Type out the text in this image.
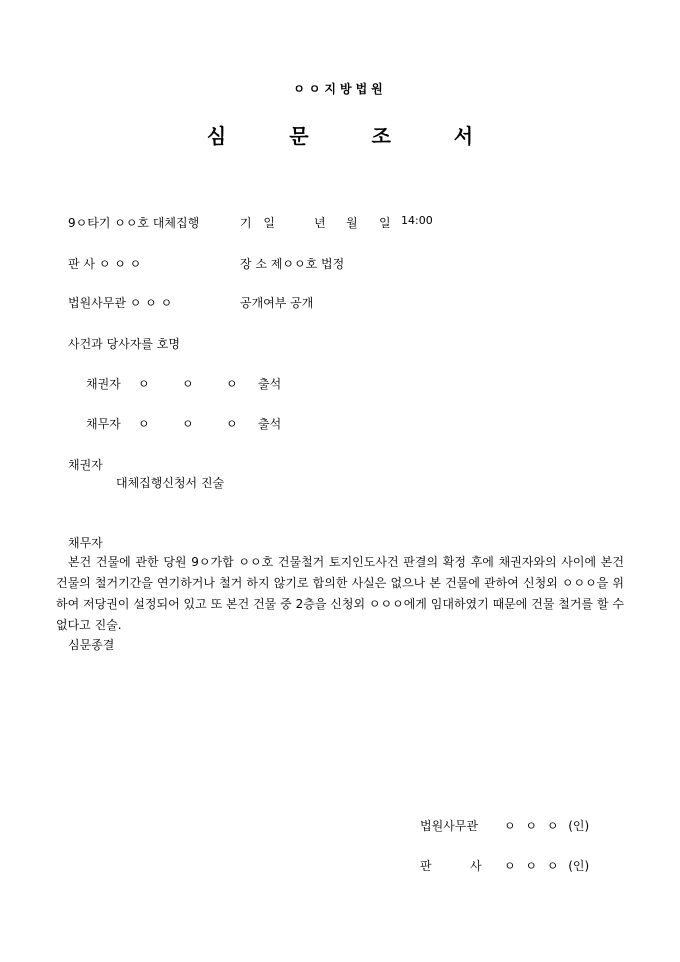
ㅇㅇ지방법원
심 문 조 서
9ㅇ타기 ㅇㅇ호 대체집행	기 일	년 월 일 14:00
판 사 ㅇ ㅇ ㅇ	장 소 제ㅇㅇ호 법정
법원사무관 ㅇ ㅇ ㅇ	공개여부 공개
사건과 당사자를 호명
채권자 ㅇ	ㅇ	ㅇ 출석
채무자 ㅇ	ㅇ	ㅇ 출석
채권자
대체집행신청서 진술
채무자
본건 건물에 관한 당원 9ㅇ가합 ㅇㅇ호 건물철거 토지인도사건 판결의 확정 후에 채권자와의 사이에 본건 건물의 철거기간을 연기하거나 철거 하지 않기로 합의한 사실은 없으나 본 건물에 관하여 신청외 ㅇㅇㅇ을 위하여 저당권이 설정되어 있고 또 본건 건물 중 2층을 신청외 ㅇㅇㅇ에게 임대하였기 때문에 건물 철거를 할 수 없다고 진술.
심문종결
법원사무관 ㅇ ㅇ ㅇ (인)
판	사 ㅇ ㅇ ㅇ (인)
